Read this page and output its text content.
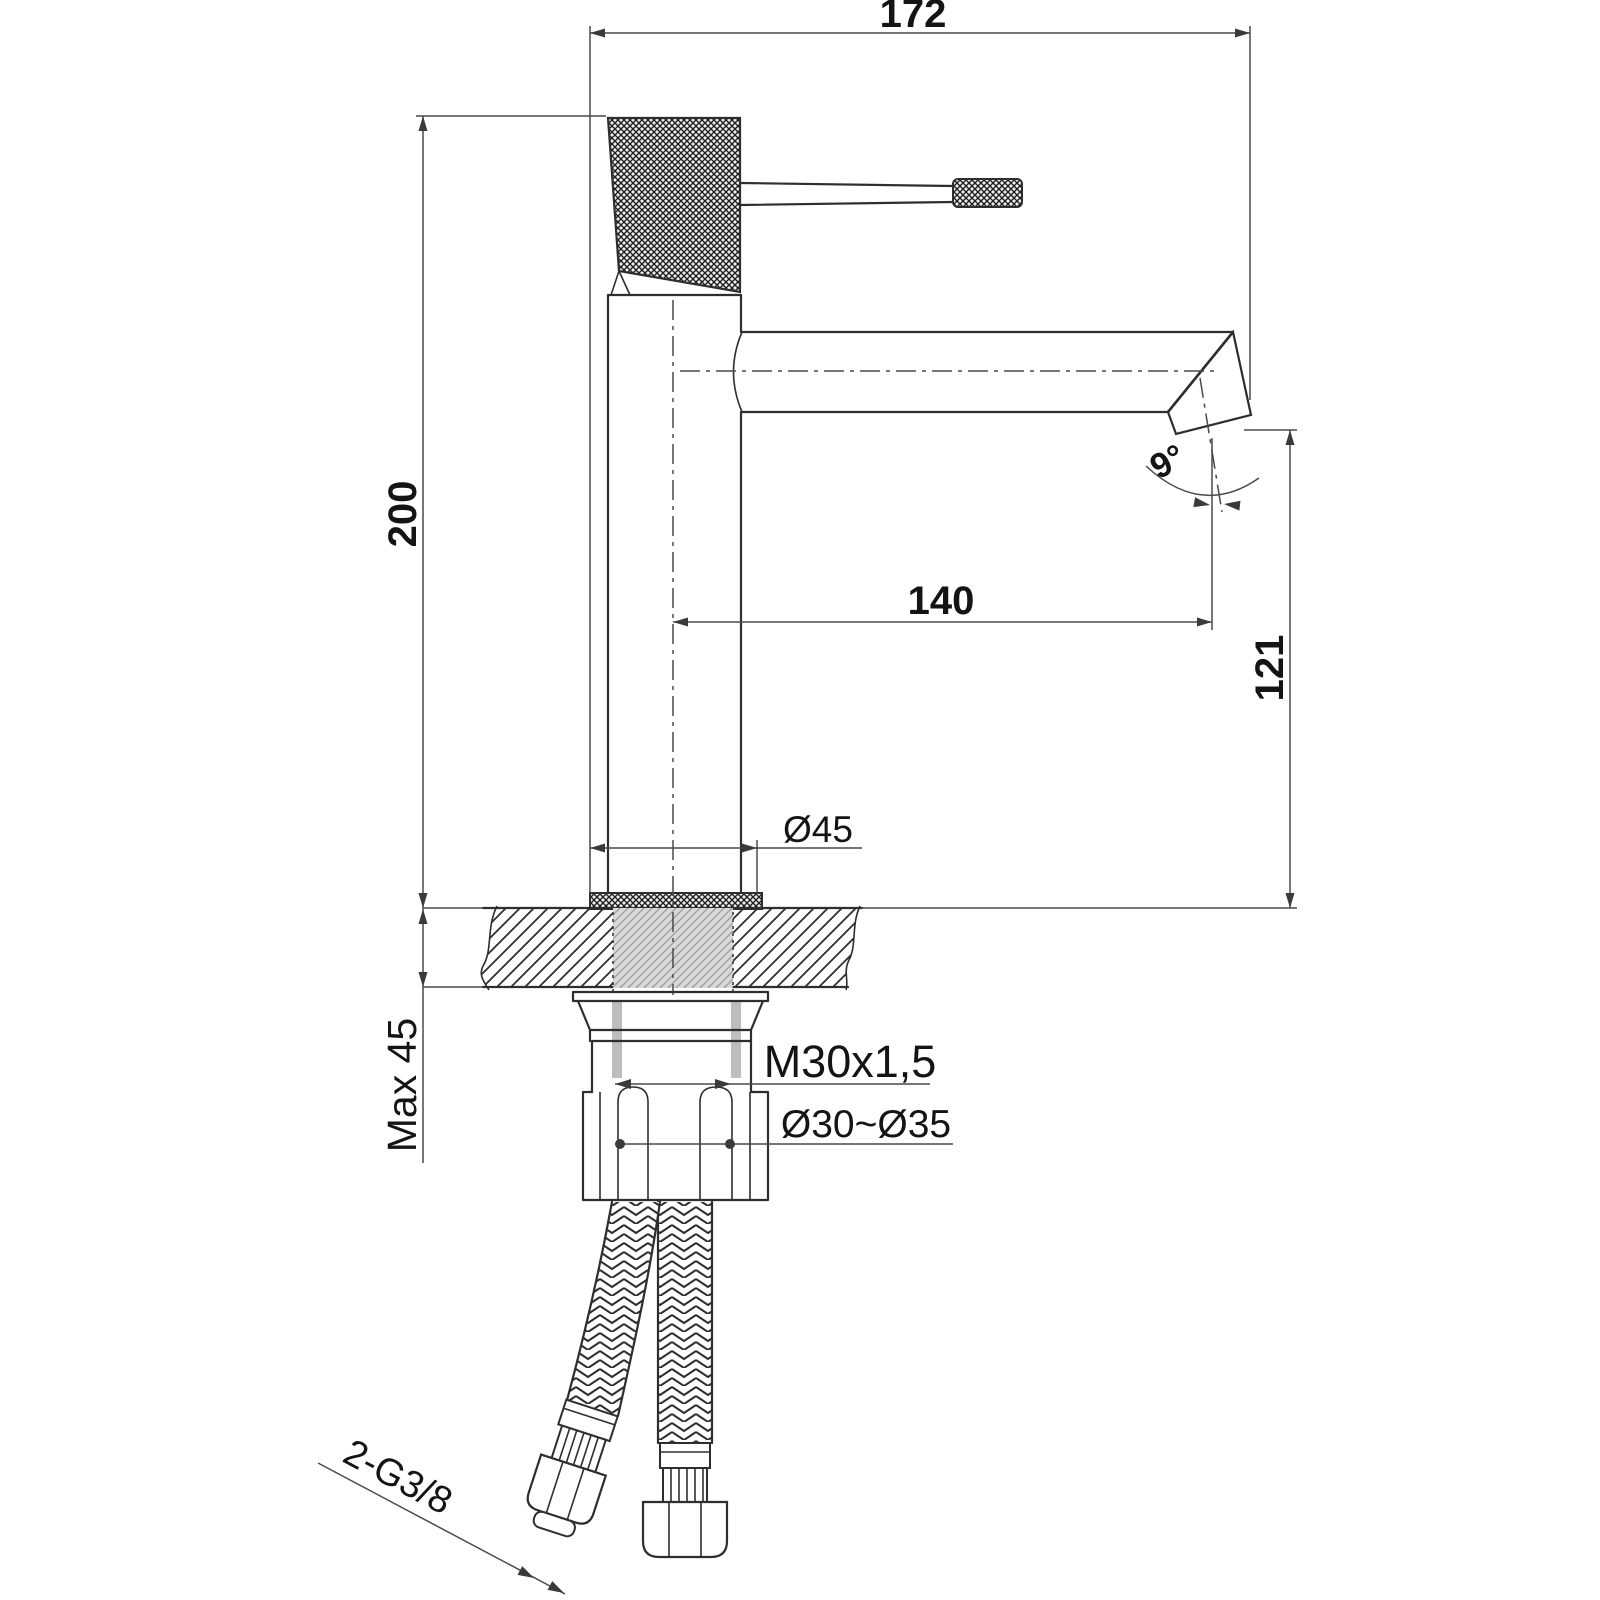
172
200
140
121
9°
Ø45
Max 45	M30x1,5
Ø30~Ø35
2-G3/8
